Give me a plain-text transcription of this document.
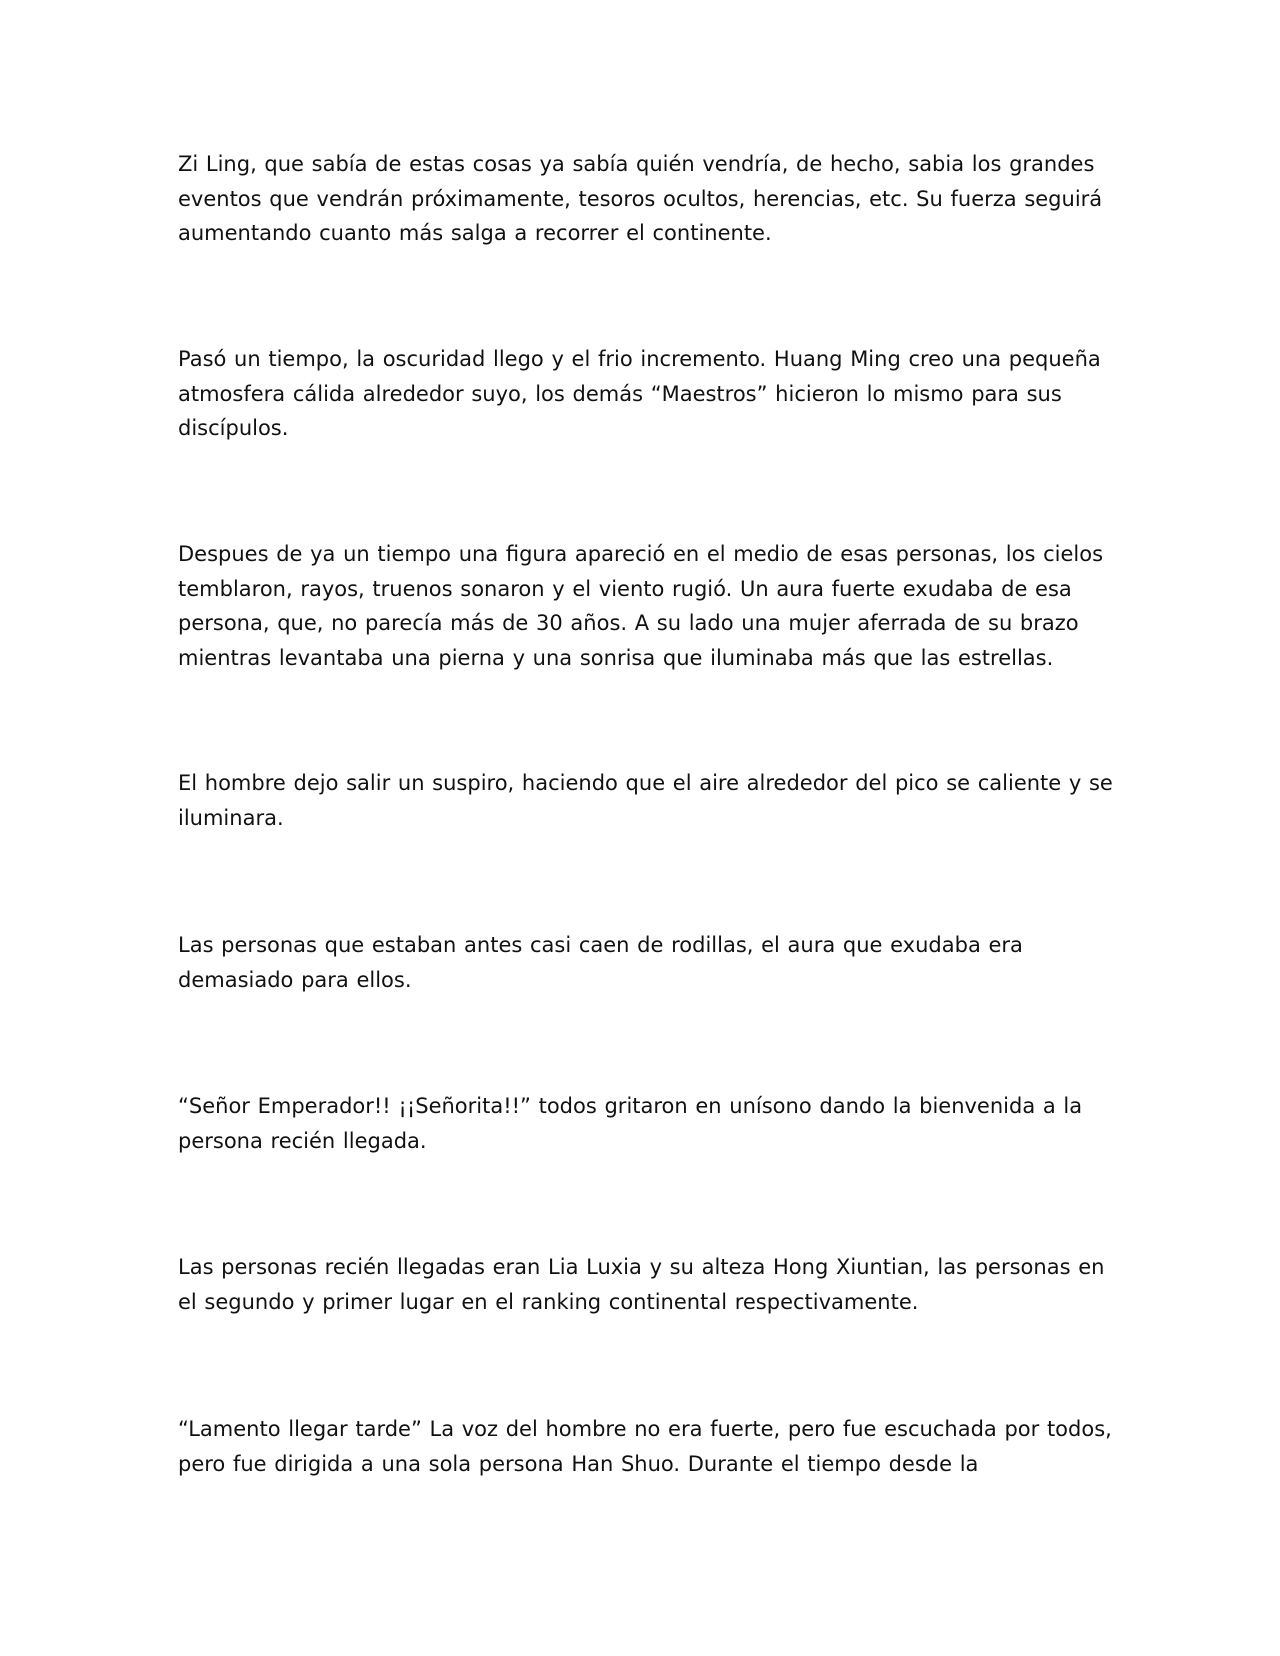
Zi Ling, que sabía de estas cosas ya sabía quién vendría, de hecho, sabia los grandes eventos que vendrán próximamente, tesoros ocultos, herencias, etc. Su fuerza seguirá aumentando cuanto más salga a recorrer el continente.

Pasó un tiempo, la oscuridad llego y el frio incremento. Huang Ming creo una pequeña atmosfera cálida alrededor suyo, los demás “Maestros” hicieron lo mismo para sus discípulos.

Despues de ya un tiempo una figura apareció en el medio de esas personas, los cielos temblaron, rayos, truenos sonaron y el viento rugió. Un aura fuerte exudaba de esa persona, que, no parecía más de 30 años. A su lado una mujer aferrada de su brazo mientras levantaba una pierna y una sonrisa que iluminaba más que las estrellas.

El hombre dejo salir un suspiro, haciendo que el aire alrededor del pico se caliente y se iluminara.

Las personas que estaban antes casi caen de rodillas, el aura que exudaba era demasiado para ellos.

“Señor Emperador!! ¡¡Señorita!!” todos gritaron en unísono dando la bienvenida a la persona recién llegada.

Las personas recién llegadas eran Lia Luxia y su alteza Hong Xiuntian, las personas en el segundo y primer lugar en el ranking continental respectivamente.

“Lamento llegar tarde” La voz del hombre no era fuerte, pero fue escuchada por todos, pero fue dirigida a una sola persona Han Shuo. Durante el tiempo desde la
